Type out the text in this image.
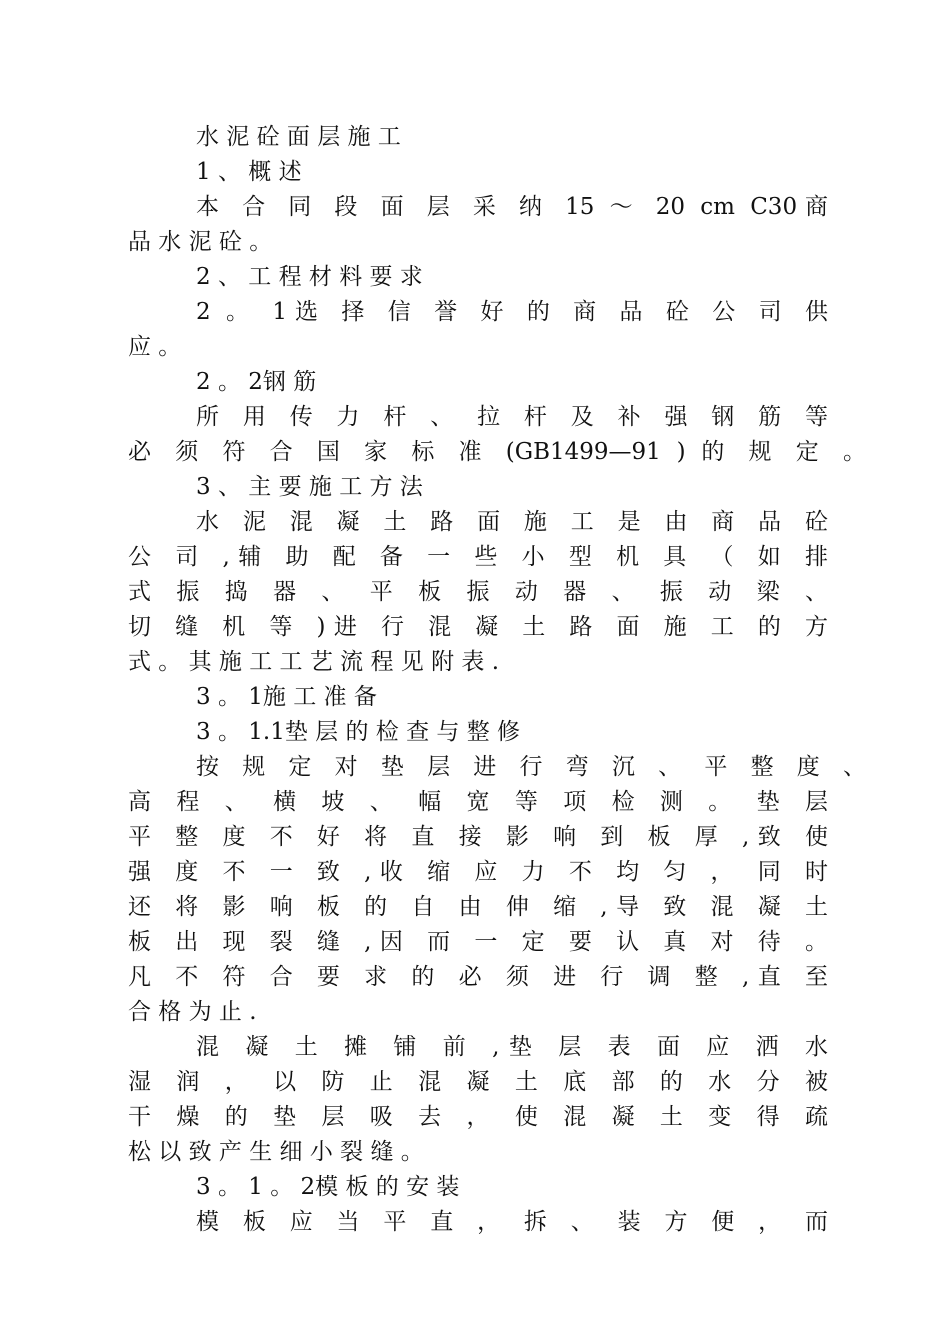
水 泥 砼 面 层 施 工
1 、 概 述
本 合 同 段 面 层 采 纳 15 ～ 20 cm C30商
品 水 泥 砼 。
2 、 工 程 材 料 要 求
2 。 1选 择 信 誉 好 的 商 品 砼 公 司 供
应 。
2 。 2钢 筋
所 用 传 力 杆 、 拉 杆 及 补 强 钢 筋 等
必 须 符 合 国 家 标 准 (GB1499—91 ) 的 规 定 。
3 、 主 要 施 工 方 法
水 泥 混 凝 土 路 面 施 工 是 由 商 品 砼
公 司 ,辅 助 配 备 一 些 小 型 机 具 （ 如 排
式 振 捣 器 、 平 板 振 动 器 、 振 动 梁 、
切 缝 机 等 )进 行 混 凝 土 路 面 施 工 的 方
式 。 其 施 工 工 艺 流 程 见 附 表 .
3 。 1施 工 准 备
3 。 1.1垫 层 的 检 查 与 整 修
按 规 定 对 垫 层 进 行 弯 沉 、 平 整 度 、
高 程 、 横 坡 、 幅 宽 等 项 检 测 。 垫 层
平 整 度 不 好 将 直 接 影 响 到 板 厚 ,致 使
强 度 不 一 致 ,收 缩 应 力 不 均 匀 ， 同 时
还 将 影 响 板 的 自 由 伸 缩 ,导 致 混 凝 土
板 出 现 裂 缝 ,因 而 一 定 要 认 真 对 待 。
凡 不 符 合 要 求 的 必 须 进 行 调 整 ,直 至
合 格 为 止 .
混 凝 土 摊 铺 前 ,垫 层 表 面 应 洒 水
湿 润 ， 以 防 止 混 凝 土 底 部 的 水 分 被
干 燥 的 垫 层 吸 去 ， 使 混 凝 土 变 得 疏
松 以 致 产 生 细 小 裂 缝 。
3 。 1 。 2模 板 的 安 装
模 板 应 当 平 直 ， 拆 、 装 方 便 ， 而
